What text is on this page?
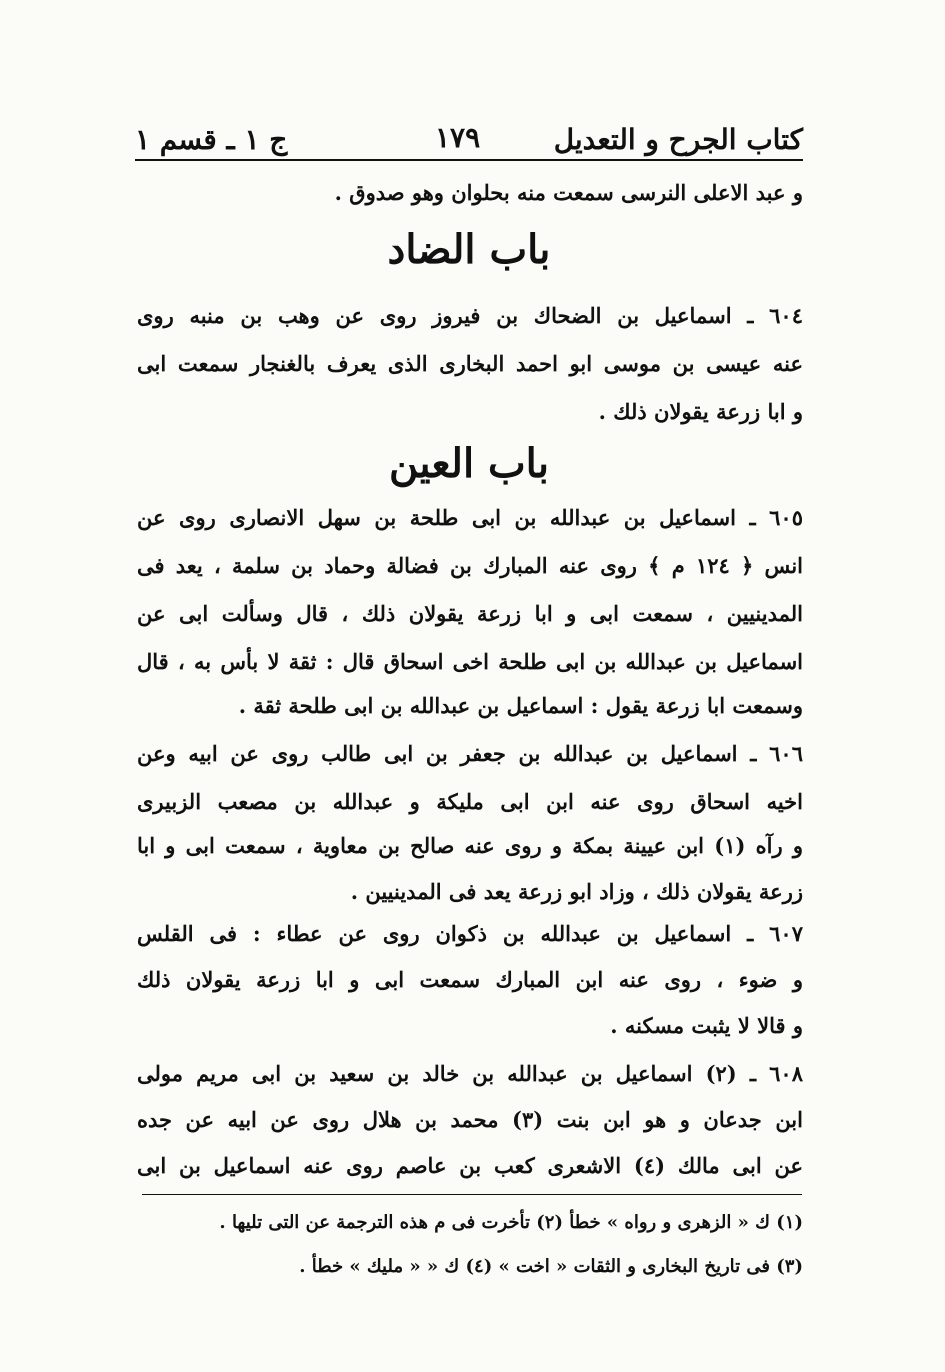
كتاب الجرح و التعديل
١٧٩
ج ١ ـ قسم ١
و عبد الاعلى النرسى سمعت منه بحلوان وهو صدوق .
باب الضاد
٦٠٤ ـ اسماعيل بن الضحاك بن فيروز روى عن وهب بن منبه روى
عنه عيسى بن موسى ابو احمد البخارى الذى يعرف بالغنجار سمعت ابى
و ابا زرعة يقولان ذلك .
باب العين
٦٠٥ ـ اسماعيل بن عبدالله بن ابى طلحة بن سهل الانصارى روى عن
انس ﴿ ١٢٤ م ﴾ روى عنه المبارك بن فضالة وحماد بن سلمة ، يعد فى
المدينيين ، سمعت ابى و ابا زرعة يقولان ذلك ، قال وسألت ابى عن
اسماعيل بن عبدالله بن ابى طلحة اخى اسحاق قال : ثقة لا بأس به ، قال
وسمعت ابا زرعة يقول : اسماعيل بن عبدالله بن ابى طلحة ثقة .
٦٠٦ ـ اسماعيل بن عبدالله بن جعفر بن ابى طالب روى عن ابيه وعن
اخيه اسحاق روى عنه ابن ابى مليكة و عبدالله بن مصعب الزبيرى
و رآه (١) ابن عيينة بمكة و روى عنه صالح بن معاوية ، سمعت ابى و ابا
زرعة يقولان ذلك ، وزاد ابو زرعة يعد فى المدينيين .
٦٠٧ ـ اسماعيل بن عبدالله بن ذكوان روى عن عطاء : فى القلس
و ضوء ، روى عنه ابن المبارك سمعت ابى و ابا زرعة يقولان ذلك
و قالا لا يثبت مسكنه .
٦٠٨ ـ (٢) اسماعيل بن عبدالله بن خالد بن سعيد بن ابى مريم مولى
ابن جدعان و هو ابن بنت (٣) محمد بن هلال روى عن ابيه عن جده
عن ابى مالك (٤) الاشعرى كعب بن عاصم روى عنه اسماعيل بن ابى
(١) ك « الزهرى و رواه » خطأ (٢) تأخرت فى م هذه الترجمة عن التى تليها .
(٣) فى تاريخ البخارى و الثقات « اخت » (٤) ك « « مليك » خطأ .
